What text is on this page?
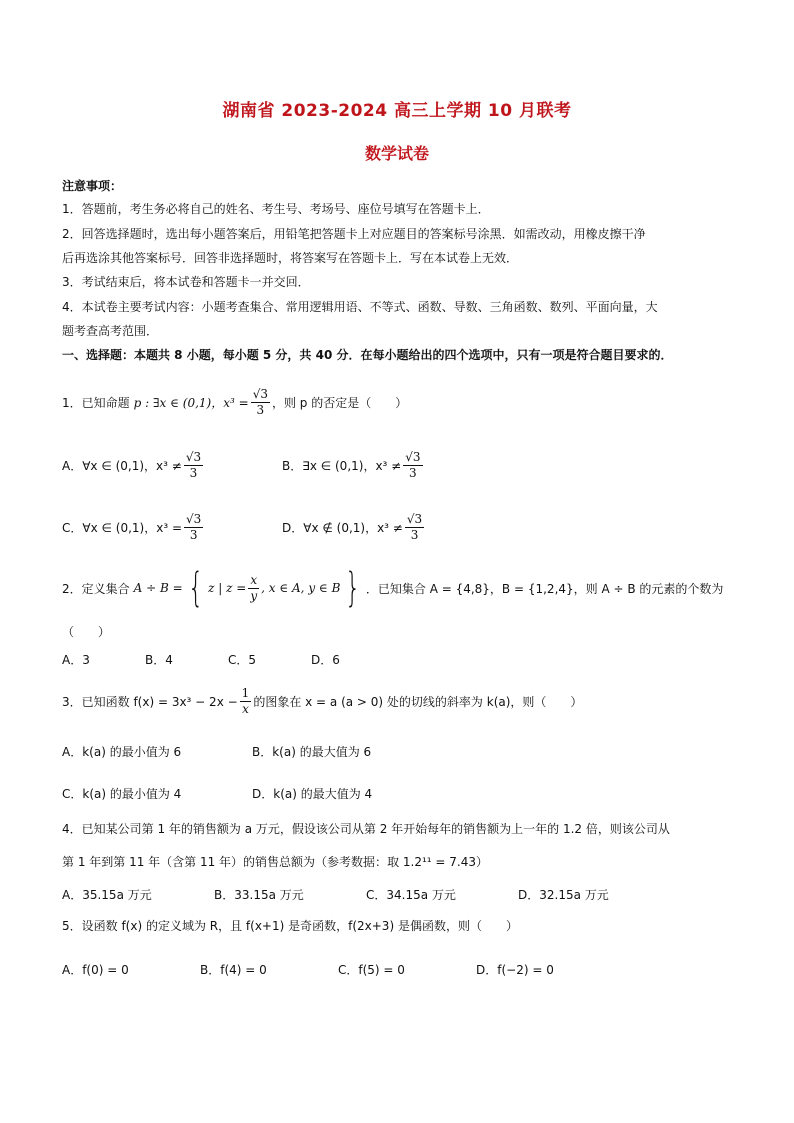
湖南省 2023-2024 高三上学期 10 月联考
数学试卷
注意事项：
1．答题前，考生务必将自己的姓名、考生号、考场号、座位号填写在答题卡上．
2．回答选择题时，选出每小题答案后，用铅笔把答题卡上对应题目的答案标号涂黑．如需改动，用橡皮擦干净
后再选涂其他答案标号．回答非选择题时，将答案写在答题卡上．写在本试卷上无效．
3．考试结束后，将本试卷和答题卡一并交回．
4．本试卷主要考试内容：小题考查集合、常用逻辑用语、不等式、函数、导数、三角函数、数列、平面向量，大
题考查高考范围．
一、选择题：本题共 8 小题，每小题 5 分，共 40 分．在每小题给出的四个选项中，只有一项是符合题目要求的．
1．已知命题 p : ∃x ∈ (0,1)，$x^3 = \frac{√3}{3}$ ，则 p 的否定是（　　）
A．∀x ∈ (0,1)，$x^3 \ne \frac{√3}{3}$	B．∃x ∈ (0,1)，$x^3 \ne \frac{√3}{3}$
C．∀x ∈ (0,1)，$x^3 = \frac{√3}{3}$	D．∀x ∉ (0,1)，$x^3 \ne \frac{√3}{3}$
2．定义集合 A ÷ B = { z | $z = \frac{x}{y}$ , x ∈ A, y ∈ B } ．已知集合 A = {4,8}，B = {1,2,4}，则 A ÷ B 的元素的个数为
（　　）
A．3	B．4	C．5	D．6
3．已知函数 $f(x) = 3x^3 - 2x - \frac{1}{x}$ 的图象在 x = a (a > 0) 处的切线的斜率为 k(a)，则（　　）
A．k(a) 的最小值为 6	B．k(a) 的最大值为 6
C．k(a) 的最小值为 4	D．k(a) 的最大值为 4
4．已知某公司第 1 年的销售额为 a 万元，假设该公司从第 2 年开始每年的销售额为上一年的 1.2 倍，则该公司从
第 1 年到第 11 年（含第 11 年）的销售总额为（参考数据：取 1.2¹¹ = 7.43）
A．35.15a 万元	B．33.15a 万元	C．34.15a 万元	D．32.15a 万元
5．设函数 f(x) 的定义域为 R，且 f(x+1) 是奇函数，f(2x+3) 是偶函数，则（　　）
A．f(0) = 0	B．f(4) = 0	C．f(5) = 0	D．f(−2) = 0
